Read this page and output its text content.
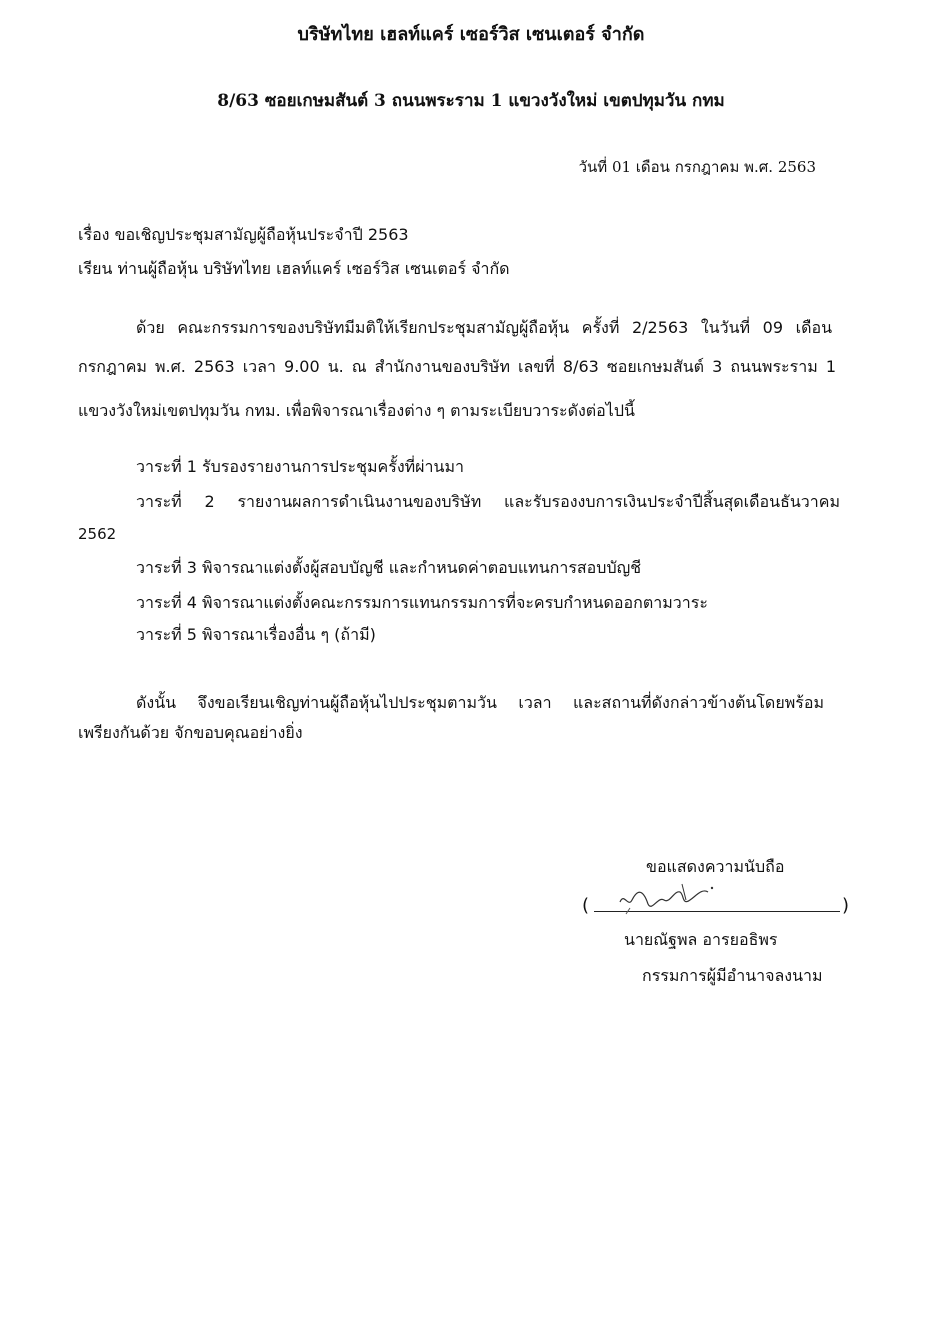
บริษัทไทย เฮลท์แคร์ เซอร์วิส เซนเตอร์ จำกัด
8/63 ซอยเกษมสันต์ 3 ถนนพระราม 1 แขวงวังใหม่ เขตปทุมวัน กทม
วันที่ 01 เดือน กรกฎาคม พ.ศ. 2563
เรื่อง ขอเชิญประชุมสามัญผู้ถือหุ้นประจำปี 2563
เรียน ท่านผู้ถือหุ้น บริษัทไทย เฮลท์แคร์ เซอร์วิส เซนเตอร์ จำกัด
ด้วย คณะกรรมการของบริษัทมีมติให้เรียกประชุมสามัญผู้ถือหุ้น ครั้งที่ 2/2563 ในวันที่ 09 เดือน
กรกฎาคม พ.ศ. 2563 เวลา 9.00 น. ณ สำนักงานของบริษัท เลขที่ 8/63 ซอยเกษมสันต์ 3 ถนนพระราม 1
แขวงวังใหม่เขตปทุมวัน กทม. เพื่อพิจารณาเรื่องต่าง ๆ ตามระเบียบวาระดังต่อไปนี้
วาระที่ 1 รับรองรายงานการประชุมครั้งที่ผ่านมา
วาระที่ 2 รายงานผลการดำเนินงานของบริษัท และรับรองงบการเงินประจำปีสิ้นสุดเดือนธันวาคม
2562
วาระที่ 3 พิจารณาแต่งตั้งผู้สอบบัญชี และกำหนดค่าตอบแทนการสอบบัญชี
วาระที่ 4 พิจารณาแต่งตั้งคณะกรรมการแทนกรรมการที่จะครบกำหนดออกตามวาระ
วาระที่ 5 พิจารณาเรื่องอื่น ๆ (ถ้ามี)
ดังนั้น จึงขอเรียนเชิญท่านผู้ถือหุ้นไปประชุมตามวัน เวลา และสถานที่ดังกล่าวข้างต้นโดยพร้อม
เพรียงกันด้วย จักขอบคุณอย่างยิ่ง
ขอแสดงความนับถือ
(	)
นายณัฐพล อารยอธิพร
กรรมการผู้มีอำนาจลงนาม
